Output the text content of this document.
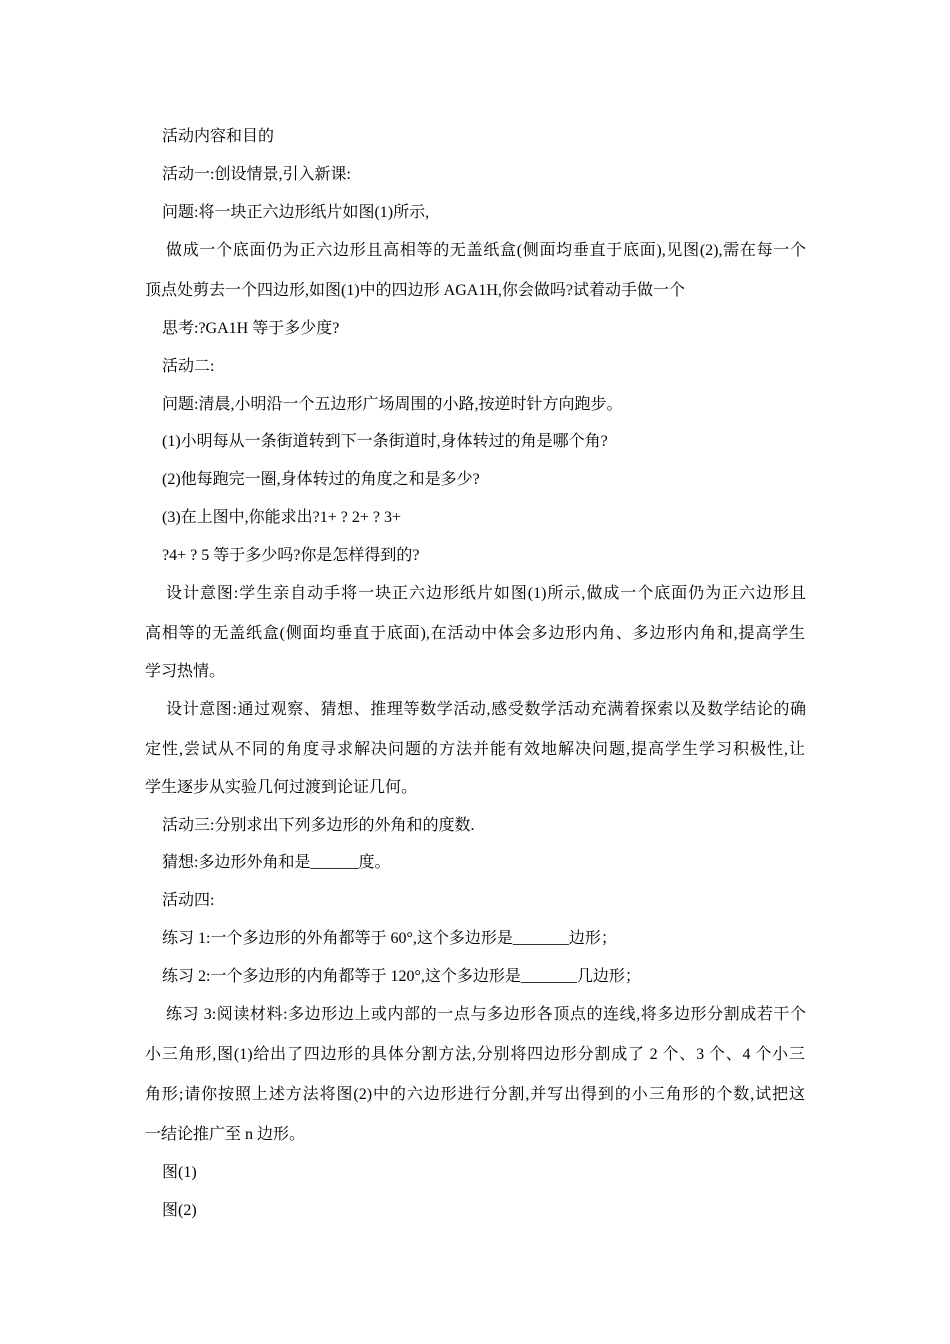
活动内容和目的
活动一:创设情景,引入新课:
问题:将一块正六边形纸片如图(1)所示,
做成一个底面仍为正六边形且高相等的无盖纸盒(侧面均垂直于底面),见图(2),需在每一个
顶点处剪去一个四边形,如图(1)中的四边形 AGA1H,你会做吗?试着动手做一个
思考:?GA1H 等于多少度?
活动二:
问题:清晨,小明沿一个五边形广场周围的小路,按逆时针方向跑步。
(1)小明每从一条街道转到下一条街道时,身体转过的角是哪个角?
(2)他每跑完一圈,身体转过的角度之和是多少?
(3)在上图中,你能求出?1+ ? 2+ ? 3+
?4+ ? 5 等于多少吗?你是怎样得到的?
设计意图:学生亲自动手将一块正六边形纸片如图(1)所示,做成一个底面仍为正六边形且
高相等的无盖纸盒(侧面均垂直于底面),在活动中体会多边形内角、多边形内角和,提高学生
学习热情。
设计意图:通过观察、猜想、推理等数学活动,感受数学活动充满着探索以及数学结论的确
定性,尝试从不同的角度寻求解决问题的方法并能有效地解决问题,提高学生学习积极性,让
学生逐步从实验几何过渡到论证几何。
活动三:分别求出下列多边形的外角和的度数.
猜想:多边形外角和是______度。
活动四:
练习 1:一个多边形的外角都等于 60°,这个多边形是_______边形；
练习 2:一个多边形的内角都等于 120°,这个多边形是_______几边形；
练习 3:阅读材料:多边形边上或内部的一点与多边形各顶点的连线,将多边形分割成若干个
小三角形,图(1)给出了四边形的具体分割方法,分别将四边形分割成了 2 个、3 个、4 个小三
角形;请你按照上述方法将图(2)中的六边形进行分割,并写出得到的小三角形的个数,试把这
一结论推广至 n 边形。
图(1)
图(2)
